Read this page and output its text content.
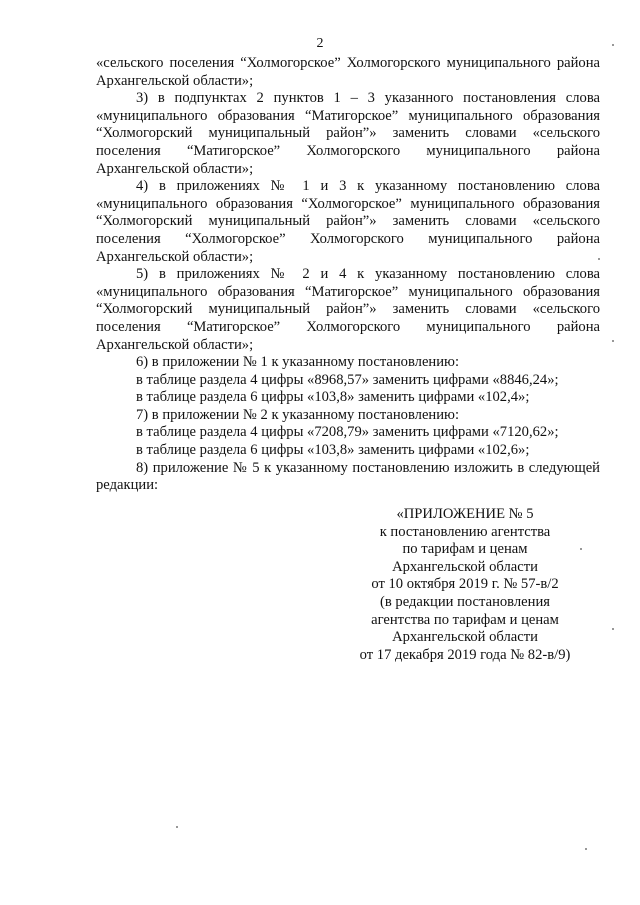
2

«сельского поселения “Холмогорское” Холмогорского муниципального района Архангельской области»;

3) в подпунктах 2 пунктов 1 – 3 указанного постановления слова «муниципального образования “Матигорское” муниципального образования “Холмогорский муниципальный район”» заменить словами «сельского поселения “Матигорское” Холмогорского муниципального района Архангельской области»;

4) в приложениях № 1 и 3 к указанному постановлению слова «муниципального образования “Холмогорское” муниципального образования “Холмогорский муниципальный район”» заменить словами «сельского поселения “Холмогорское” Холмогорского муниципального района Архангельской области»;

5) в приложениях № 2 и 4 к указанному постановлению слова «муниципального образования “Матигорское” муниципального образования “Холмогорский муниципальный район”» заменить словами «сельского поселения “Матигорское” Холмогорского муниципального района Архангельской области»;

6) в приложении № 1 к указанному постановлению:

в таблице раздела 4 цифры «8968,57» заменить цифрами «8846,24»;

в таблице раздела 6 цифры «103,8» заменить цифрами «102,4»;

7) в приложении № 2 к указанному постановлению:

в таблице раздела 4 цифры «7208,79» заменить цифрами «7120,62»;

в таблице раздела 6 цифры «103,8» заменить цифрами «102,6»;

8) приложение № 5 к указанному постановлению изложить в следующей редакции:

«ПРИЛОЖЕНИЕ № 5
к постановлению агентства
по тарифам и ценам
Архангельской области
от 10 октября 2019 г. № 57-в/2
(в редакции постановления
агентства по тарифам и ценам
Архангельской области
от 17 декабря 2019 года № 82-в/9)
